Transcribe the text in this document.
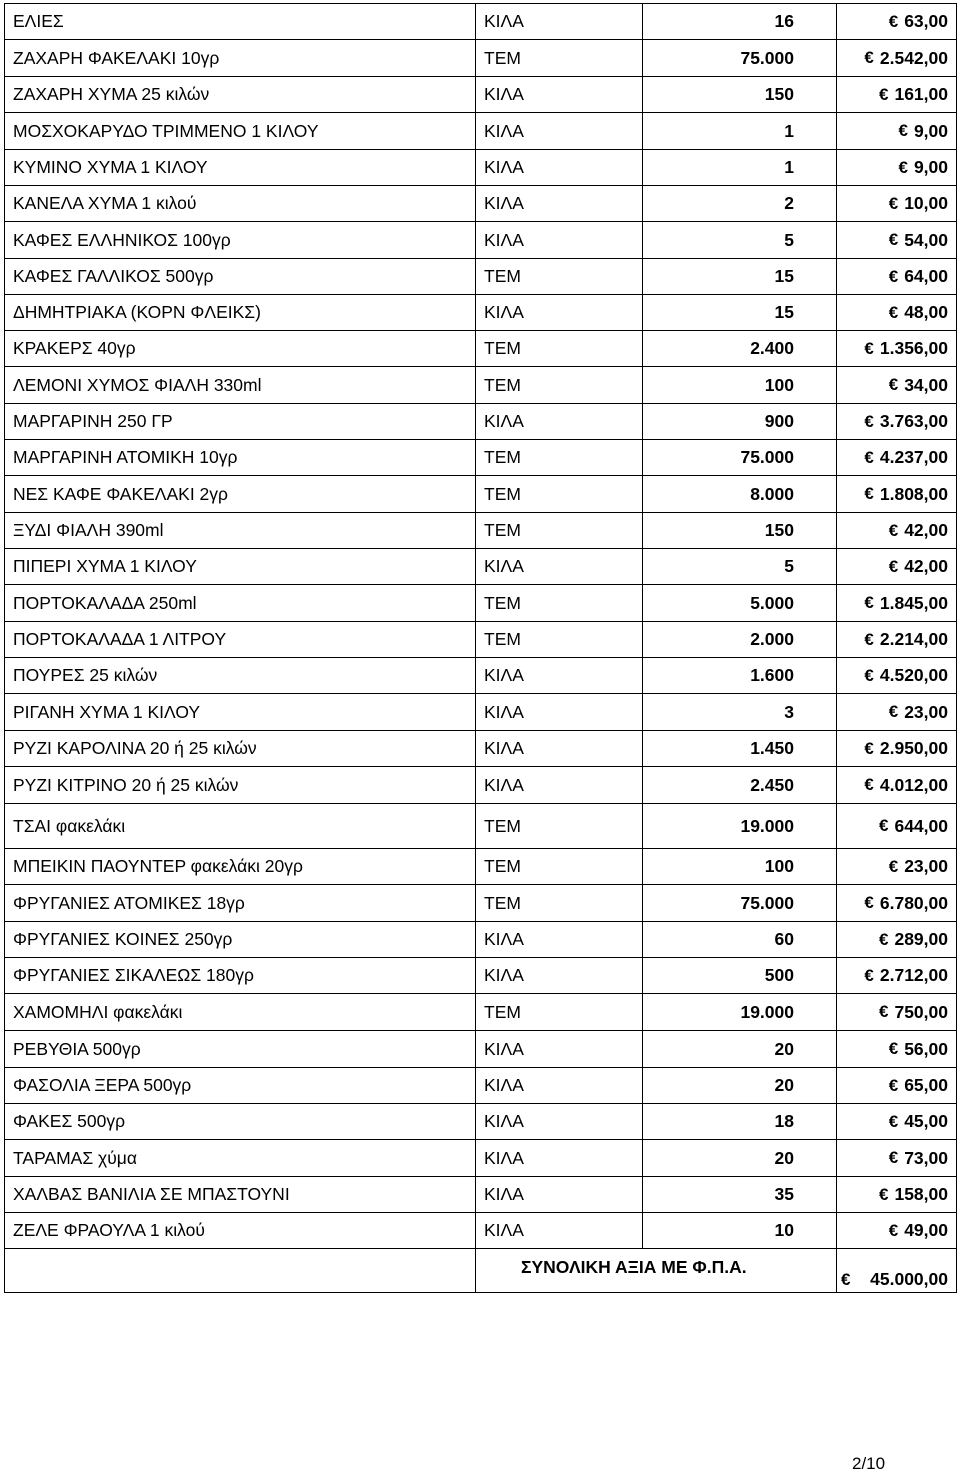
ΕΛΙΕΣ	ΚΙΛΑ	16	€ 63,00

ΖΑΧΑΡΗ ΦΑΚΕΛΑΚΙ 10γρ	ΤΕΜ	75.000	€ 2.542,00

ΖΑΧΑΡΗ ΧΥΜΑ 25 κιλών	ΚΙΛΑ	150	€ 161,00

ΜΟΣΧΟΚΑΡΥΔΟ ΤΡΙΜΜΕΝΟ 1 ΚΙΛΟΥ	ΚΙΛΑ	1	€ 9,00

ΚΥΜΙΝΟ ΧΥΜΑ 1 ΚΙΛΟΥ	ΚΙΛΑ	1	€ 9,00

ΚΑΝΕΛΑ ΧΥΜΑ 1 κιλού	ΚΙΛΑ	2	€ 10,00

ΚΑΦΕΣ ΕΛΛΗΝΙΚΟΣ 100γρ	ΚΙΛΑ	5	€ 54,00

ΚΑΦΕΣ ΓΑΛΛΙΚΟΣ 500γρ	ΤΕΜ	15	€ 64,00

ΔΗΜΗΤΡΙΑΚΑ (ΚΟΡΝ ΦΛΕΙΚΣ)	ΚΙΛΑ	15	€ 48,00

ΚΡΑΚΕΡΣ 40γρ	ΤΕΜ	2.400	€ 1.356,00

ΛΕΜΟΝΙ ΧΥΜΟΣ ΦΙΑΛΗ 330ml	ΤΕΜ	100	€ 34,00

ΜΑΡΓΑΡΙΝΗ 250 ΓΡ	ΚΙΛΑ	900	€ 3.763,00

ΜΑΡΓΑΡΙΝΗ ΑΤΟΜΙΚΗ 10γρ	ΤΕΜ	75.000	€ 4.237,00

ΝΕΣ ΚΑΦΕ ΦΑΚΕΛΑΚΙ 2γρ	ΤΕΜ	8.000	€ 1.808,00

ΞΥΔΙ ΦΙΑΛΗ 390ml	ΤΕΜ	150	€ 42,00

ΠΙΠΕΡΙ ΧΥΜΑ 1 ΚΙΛΟΥ	ΚΙΛΑ	5	€ 42,00

ΠΟΡΤΟΚΑΛΑΔΑ 250ml	ΤΕΜ	5.000	€ 1.845,00

ΠΟΡΤΟΚΑΛΑΔΑ 1 ΛΙΤΡΟΥ	ΤΕΜ	2.000	€ 2.214,00

ΠΟΥΡΕΣ 25 κιλών	ΚΙΛΑ	1.600	€ 4.520,00

ΡΙΓΑΝΗ ΧΥΜΑ 1 ΚΙΛΟΥ	ΚΙΛΑ	3	€ 23,00

ΡΥΖΙ ΚΑΡΟΛΙΝΑ 20 ή 25 κιλών	ΚΙΛΑ	1.450	€ 2.950,00

ΡΥΖΙ ΚΙΤΡΙΝΟ 20 ή 25 κιλών	ΚΙΛΑ	2.450	€ 4.012,00

ΤΣΑΙ φακελάκι	ΤΕΜ	19.000	€ 644,00

ΜΠΕΙΚΙΝ ΠΑΟΥΝΤΕΡ φακελάκι 20γρ	ΤΕΜ	100	€ 23,00

ΦΡΥΓΑΝΙΕΣ ΑΤΟΜΙΚΕΣ 18γρ	ΤΕΜ	75.000	€ 6.780,00

ΦΡΥΓΑΝΙΕΣ ΚΟΙΝΕΣ 250γρ	ΚΙΛΑ	60	€ 289,00

ΦΡΥΓΑΝΙΕΣ ΣΙΚΑΛΕΩΣ 180γρ	ΚΙΛΑ	500	€ 2.712,00

ΧΑΜΟΜΗΛΙ φακελάκι	ΤΕΜ	19.000	€ 750,00

ΡΕΒΥΘΙΑ 500γρ	ΚΙΛΑ	20	€ 56,00

ΦΑΣΟΛΙΑ ΞΕΡΑ 500γρ	ΚΙΛΑ	20	€ 65,00

ΦΑΚΕΣ 500γρ	ΚΙΛΑ	18	€ 45,00

ΤΑΡΑΜΑΣ χύμα	ΚΙΛΑ	20	€ 73,00

ΧΑΛΒΑΣ ΒΑΝΙΛΙΑ ΣΕ ΜΠΑΣΤΟΥΝΙ	ΚΙΛΑ	35	€ 158,00

ΖΕΛΕ ΦΡΑΟΥΛΑ 1 κιλού	ΚΙΛΑ	10	€ 49,00

	ΣΥΝΟΛΙΚΗ ΑΞΙΑ ΜΕ Φ.Π.Α.		€ 45.000,00
2/10
